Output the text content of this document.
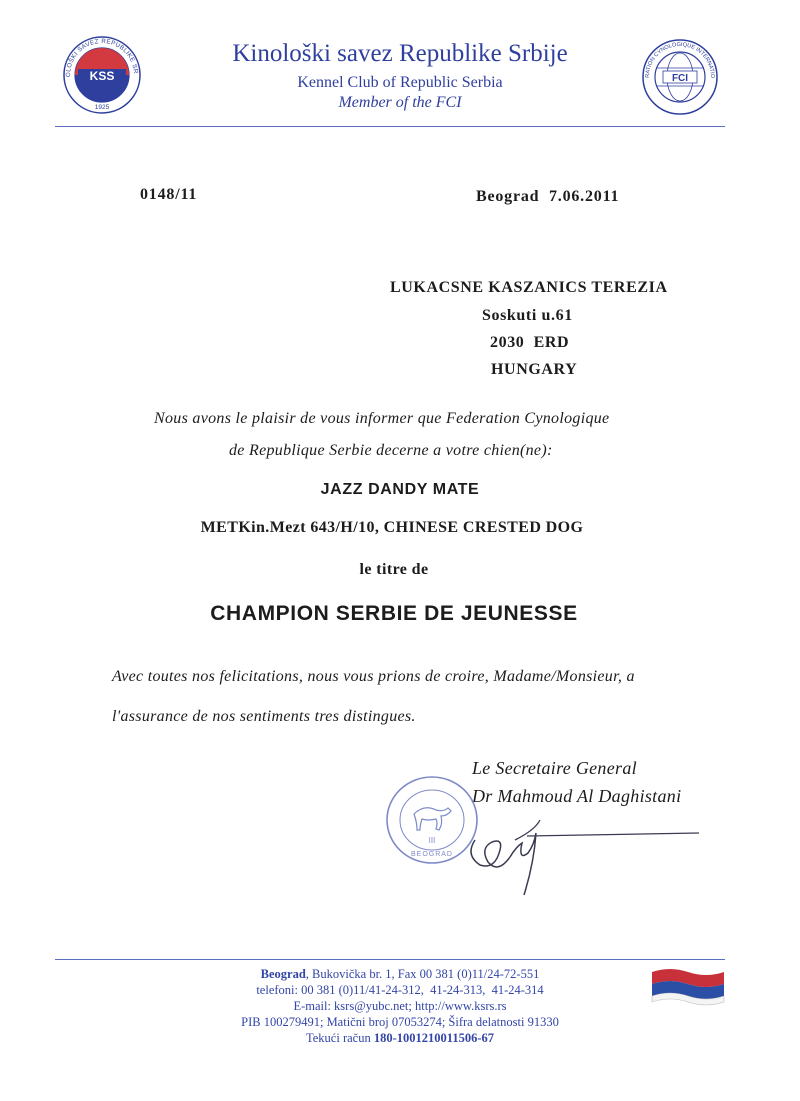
KSS
OLOŠKI SAVEZ REPUBLIKE SR
1925
FCI
RATION CYNOLOGIQUE INTERNATIO
Kinološki savez Republike Srbije
Kennel Club of Republic Serbia
Member of the FCI
0148/11	Beograd  7.06.2011
LUKACSNE KASZANICS TEREZIA
Soskuti u.61
2030  ERD
HUNGARY
Nous avons le plaisir de vous informer que Federation Cynologique
de Republique Serbie decerne a votre chien(ne):
JAZZ DANDY MATE
METKin.Mezt 643/H/10, CHINESE CRESTED DOG
le titre de
CHAMPION SERBIE DE JEUNESSE
Avec toutes nos felicitations, nous vous prions de croire, Madame/Monsieur, a
l'assurance de nos sentiments tres distingues.
Le Secretaire General
Dr Mahmoud Al Daghistani
III
BEOGRAD
Beograd, Bukovička br. 1, Fax 00 381 (0)11/24-72-551
telefoni: 00 381 (0)11/41-24-312,  41-24-313,  41-24-314
E-mail: ksrs@yubc.net; http://www.ksrs.rs
PIB 100279491; Matični broj 07053274; Šifra delatnosti 91330
Tekući račun 180-1001210011506-67
